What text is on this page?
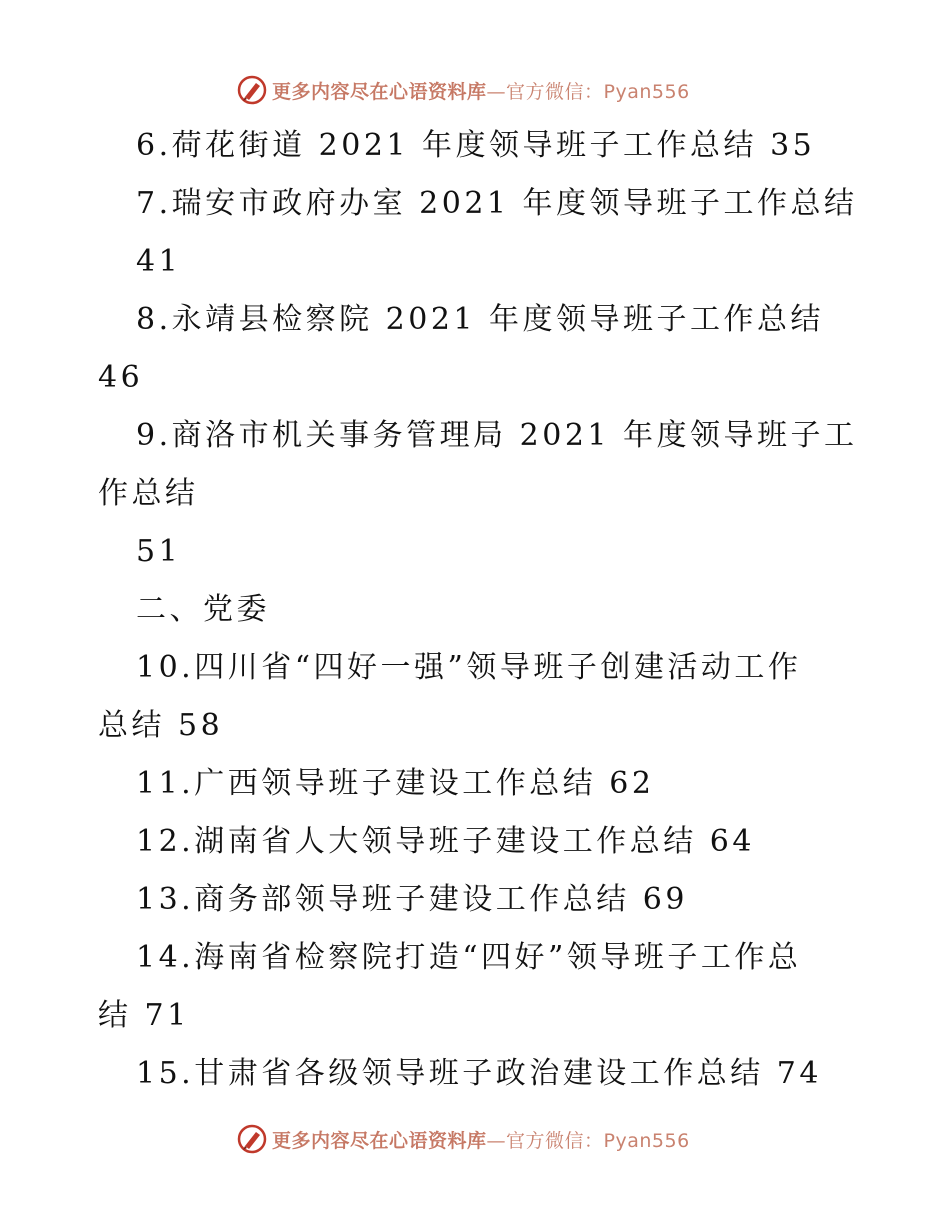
更多内容尽在心语资料库—官方微信：Pyan556
6.荷花街道 2021 年度领导班子工作总结 35
7.瑞安市政府办室 2021 年度领导班子工作总结
41
8.永靖县检察院 2021 年度领导班子工作总结
46
9.商洛市机关事务管理局 2021 年度领导班子工
作总结
51
二、党委
10.四川省“四好一强”领导班子创建活动工作
总结 58
11.广西领导班子建设工作总结 62
12.湖南省人大领导班子建设工作总结 64
13.商务部领导班子建设工作总结 69
14.海南省检察院打造“四好”领导班子工作总
结 71
15.甘肃省各级领导班子政治建设工作总结 74
更多内容尽在心语资料库—官方微信：Pyan556
